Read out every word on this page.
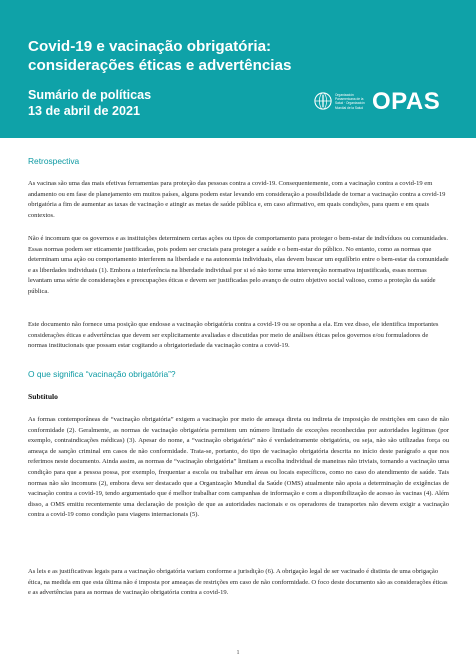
Covid-19 e vacinação obrigatória: considerações éticas e advertências
Sumário de políticas
13 de abril de 2021
Organización Panamericana de la Salud · Organización Mundial de la Salud OPAS
Retrospectiva
As vacinas são uma das mais efetivas ferramentas para proteção das pessoas contra a covid-19. Consequentemente, com a vacinação contra a covid-19 em andamento ou em fase de planejamento em muitos países, alguns podem estar levando em consideração a possibilidade de tornar a vacinação contra a covid-19 obrigatória a fim de aumentar as taxas de vacinação e atingir as metas de saúde pública e, em caso afirmativo, em quais condições, para quem e em quais contextos.
Não é incomum que os governos e as instituições determinem certas ações ou tipos de comportamento para proteger o bem-estar de indivíduos ou comunidades. Essas normas podem ser eticamente justificadas, pois podem ser cruciais para proteger a saúde e o bem-estar do público. No entanto, como as normas que determinam uma ação ou comportamento interferem na liberdade e na autonomia individuais, elas devem buscar um equilíbrio entre o bem-estar da comunidade e as liberdades individuais (1). Embora a interferência na liberdade individual por si só não torne uma intervenção normativa injustificada, essas normas levantam uma série de considerações e preocupações éticas e devem ser justificadas pelo avanço de outro objetivo social valioso, como a proteção da saúde pública.
Este documento não fornece uma posição que endosse a vacinação obrigatória contra a covid-19 ou se oponha a ela. Em vez disso, ele identifica importantes considerações éticas e advertências que devem ser explicitamente avaliadas e discutidas por meio de análises éticas pelos governos e/ou formuladores de normas institucionais que possam estar cogitando a obrigatoriedade da vacinação contra a covid-19.
O que significa “vacinação obrigatória”?
Subtítulo
As formas contemporâneas de “vacinação obrigatória” exigem a vacinação por meio de ameaça direta ou indireta de imposição de restrições em caso de não conformidade (2). Geralmente, as normas de vacinação obrigatória permitem um número limitado de exceções reconhecidas por autoridades legítimas (por exemplo, contraindicações médicas) (3). Apesar do nome, a “vacinação obrigatória” não é verdadeiramente obrigatória, ou seja, não são utilizadas força ou ameaça de sanção criminal em casos de não conformidade. Trata-se, portanto, do tipo de vacinação obrigatória descrita no início deste parágrafo a que nos referimos neste documento. Ainda assim, as normas de “vacinação obrigatória” limitam a escolha individual de maneiras não triviais, tornando a vacinação uma condição para que a pessoa possa, por exemplo, frequentar a escola ou trabalhar em áreas ou locais específicos, como no caso do atendimento de saúde. Tais normas não são incomuns (2), embora deva ser destacado que a Organização Mundial da Saúde (OMS) atualmente não apoia a determinação de exigências de vacinação contra a covid-19, tendo argumentado que é melhor trabalhar com campanhas de informação e com a disponibilização de acesso às vacinas (4). Além disso, a OMS emitiu recentemente uma declaração de posição de que as autoridades nacionais e os operadores de transportes não devem exigir a vacinação contra a covid-19 como condição para viagens internacionais (5).
As leis e as justificativas legais para a vacinação obrigatória variam conforme a jurisdição (6). A obrigação legal de ser vacinado é distinta de uma obrigação ética, na medida em que esta última não é imposta por ameaças de restrições em caso de não conformidade. O foco deste documento são as considerações éticas e as advertências para as normas de vacinação obrigatória contra a covid-19.
1
